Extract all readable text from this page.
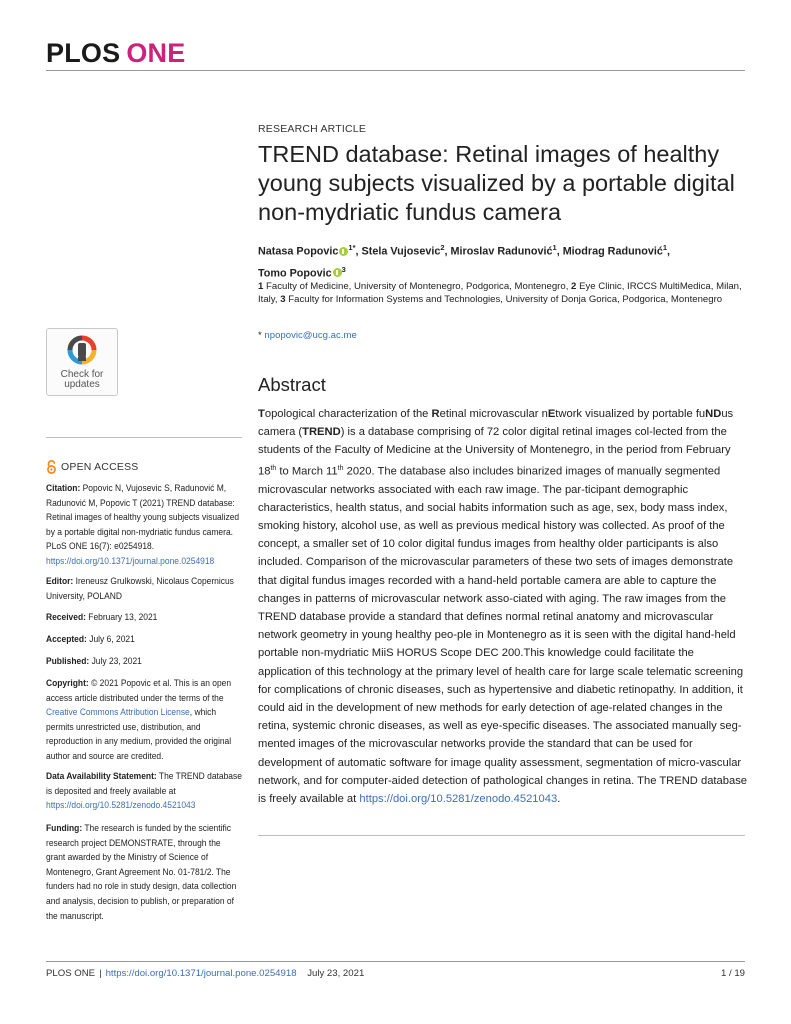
PLOS ONE
Check for
updates
OPEN ACCESS
Citation: Popovic N, Vujosevic S, Radunović M, Radunović M, Popovic T (2021) TREND database: Retinal images of healthy young subjects visualized by a portable digital non-mydriatic fundus camera. PLoS ONE 16(7): e0254918. https://doi.org/10.1371/journal.pone.0254918
Editor: Ireneusz Grulkowski, Nicolaus Copernicus University, POLAND
Received: February 13, 2021
Accepted: July 6, 2021
Published: July 23, 2021
Copyright: © 2021 Popovic et al. This is an open access article distributed under the terms of the Creative Commons Attribution License, which permits unrestricted use, distribution, and reproduction in any medium, provided the original author and source are credited.
Data Availability Statement: The TREND database is deposited and freely available at https://doi.org/10.5281/zenodo.4521043
Funding: The research is funded by the scientific research project DEMONSTRATE, through the grant awarded by the Ministry of Science of Montenegro, Grant Agreement No. 01-781/2. The funders had no role in study design, data collection and analysis, decision to publish, or preparation of the manuscript.
RESEARCH ARTICLE
TREND database: Retinal images of healthy young subjects visualized by a portable digital non-mydriatic fundus camera
Natasa Popovic $^{1*}$, Stela Vujosevic$^2$, Miroslav Radunović$^1$, Miodrag Radunović$^1$,
Tomo Popovic $^3$
1 Faculty of Medicine, University of Montenegro, Podgorica, Montenegro, 2 Eye Clinic, IRCCS MultiMedica, Milan, Italy, 3 Faculty for Information Systems and Technologies, University of Donja Gorica, Podgorica, Montenegro
* npopovic@ucg.ac.me
Abstract

Topological characterization of the Retinal microvascular nEtwork visualized by portable fuNDus camera (TREND) is a database comprising of 72 color digital retinal images col-lected from the students of the Faculty of Medicine at the University of Montenegro, in the period from February 18th to March 11th 2020. The database also includes binarized images of manually segmented microvascular networks associated with each raw image. The par-ticipant demographic characteristics, health status, and social habits information such as age, sex, body mass index, smoking history, alcohol use, as well as previous medical history was collected. As proof of the concept, a smaller set of 10 color digital fundus images from healthy older participants is also included. Comparison of the microvascular parameters of these two sets of images demonstrate that digital fundus images recorded with a hand-held portable camera are able to capture the changes in patterns of microvascular network asso-ciated with aging. The raw images from the TREND database provide a standard that defines normal retinal anatomy and microvascular network geometry in young healthy peo-ple in Montenegro as it is seen with the digital hand-held portable non-mydriatic MiiS HORUS Scope DEC 200.This knowledge could facilitate the application of this technology at the primary level of health care for large scale telematic screening for complications of chronic diseases, such as hypertensive and diabetic retinopathy. In addition, it could aid in the development of new methods for early detection of age-related changes in the retina, systemic chronic diseases, as well as eye-specific diseases. The associated manually seg-mented images of the microvascular networks provide the standard that can be used for development of automatic software for image quality assessment, segmentation of micro-vascular network, and for computer-aided detection of pathological changes in retina. The TREND database is freely available at https://doi.org/10.5281/zenodo.4521043.

PLOS ONE | https://doi.org/10.1371/journal.pone.0254918 July 23, 2021	1 / 19
